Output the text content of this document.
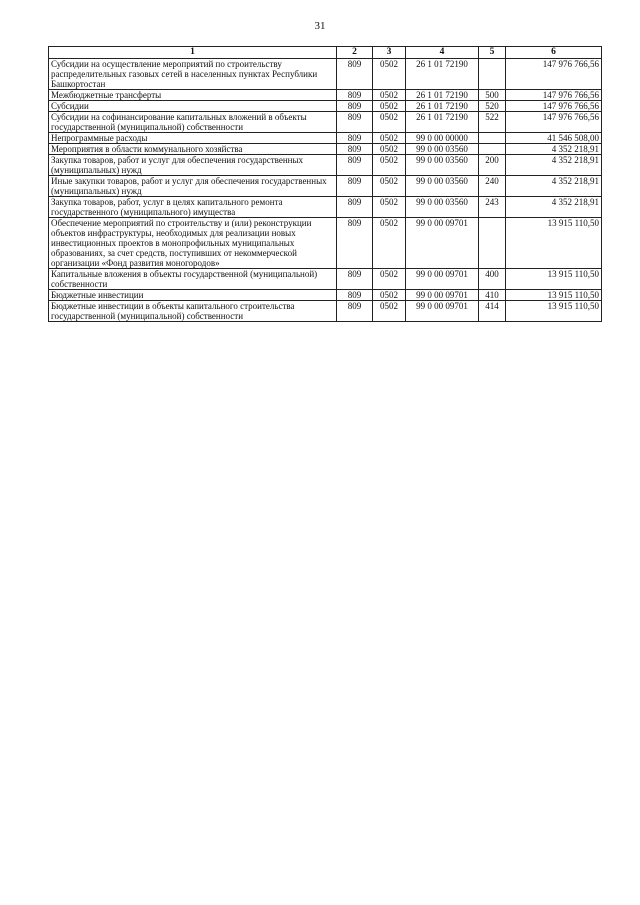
31
1	2	3	4	5	6
Субсидии на осуществление мероприятий по строительству распределительных газовых сетей в населенных пунктах Республики Башкортостан	809	0502	26 1 01 72190		147 976 766,56
Межбюджетные трансферты	809	0502	26 1 01 72190	500	147 976 766,56
Субсидии	809	0502	26 1 01 72190	520	147 976 766,56
Субсидии на софинансирование капитальных вложений в объекты государственной (муниципальной) собственности	809	0502	26 1 01 72190	522	147 976 766,56
Непрограммные расходы	809	0502	99 0 00 00000		41 546 508,00
Мероприятия в области коммунального хозяйства	809	0502	99 0 00 03560		4 352 218,91
Закупка товаров, работ и услуг для обеспечения государственных (муниципальных) нужд	809	0502	99 0 00 03560	200	4 352 218,91
Иные закупки товаров, работ и услуг для обеспечения государственных (муниципальных) нужд	809	0502	99 0 00 03560	240	4 352 218,91
Закупка товаров, работ, услуг в целях капитального ремонта государственного (муниципального) имущества	809	0502	99 0 00 03560	243	4 352 218,91
Обеспечение мероприятий по строительству и (или) реконструкции объектов инфраструктуры, необходимых для реализации новых инвестиционных проектов в монопрофильных муниципальных образованиях, за счет средств, поступивших от некоммерческой организации «Фонд развития моногородов»	809	0502	99 0 00 09701		13 915 110,50
Капитальные вложения в объекты государственной (муниципальной) собственности	809	0502	99 0 00 09701	400	13 915 110,50
Бюджетные инвестиции	809	0502	99 0 00 09701	410	13 915 110,50
Бюджетные инвестиции в объекты капитального строительства государственной (муниципальной) собственности	809	0502	99 0 00 09701	414	13 915 110,50
